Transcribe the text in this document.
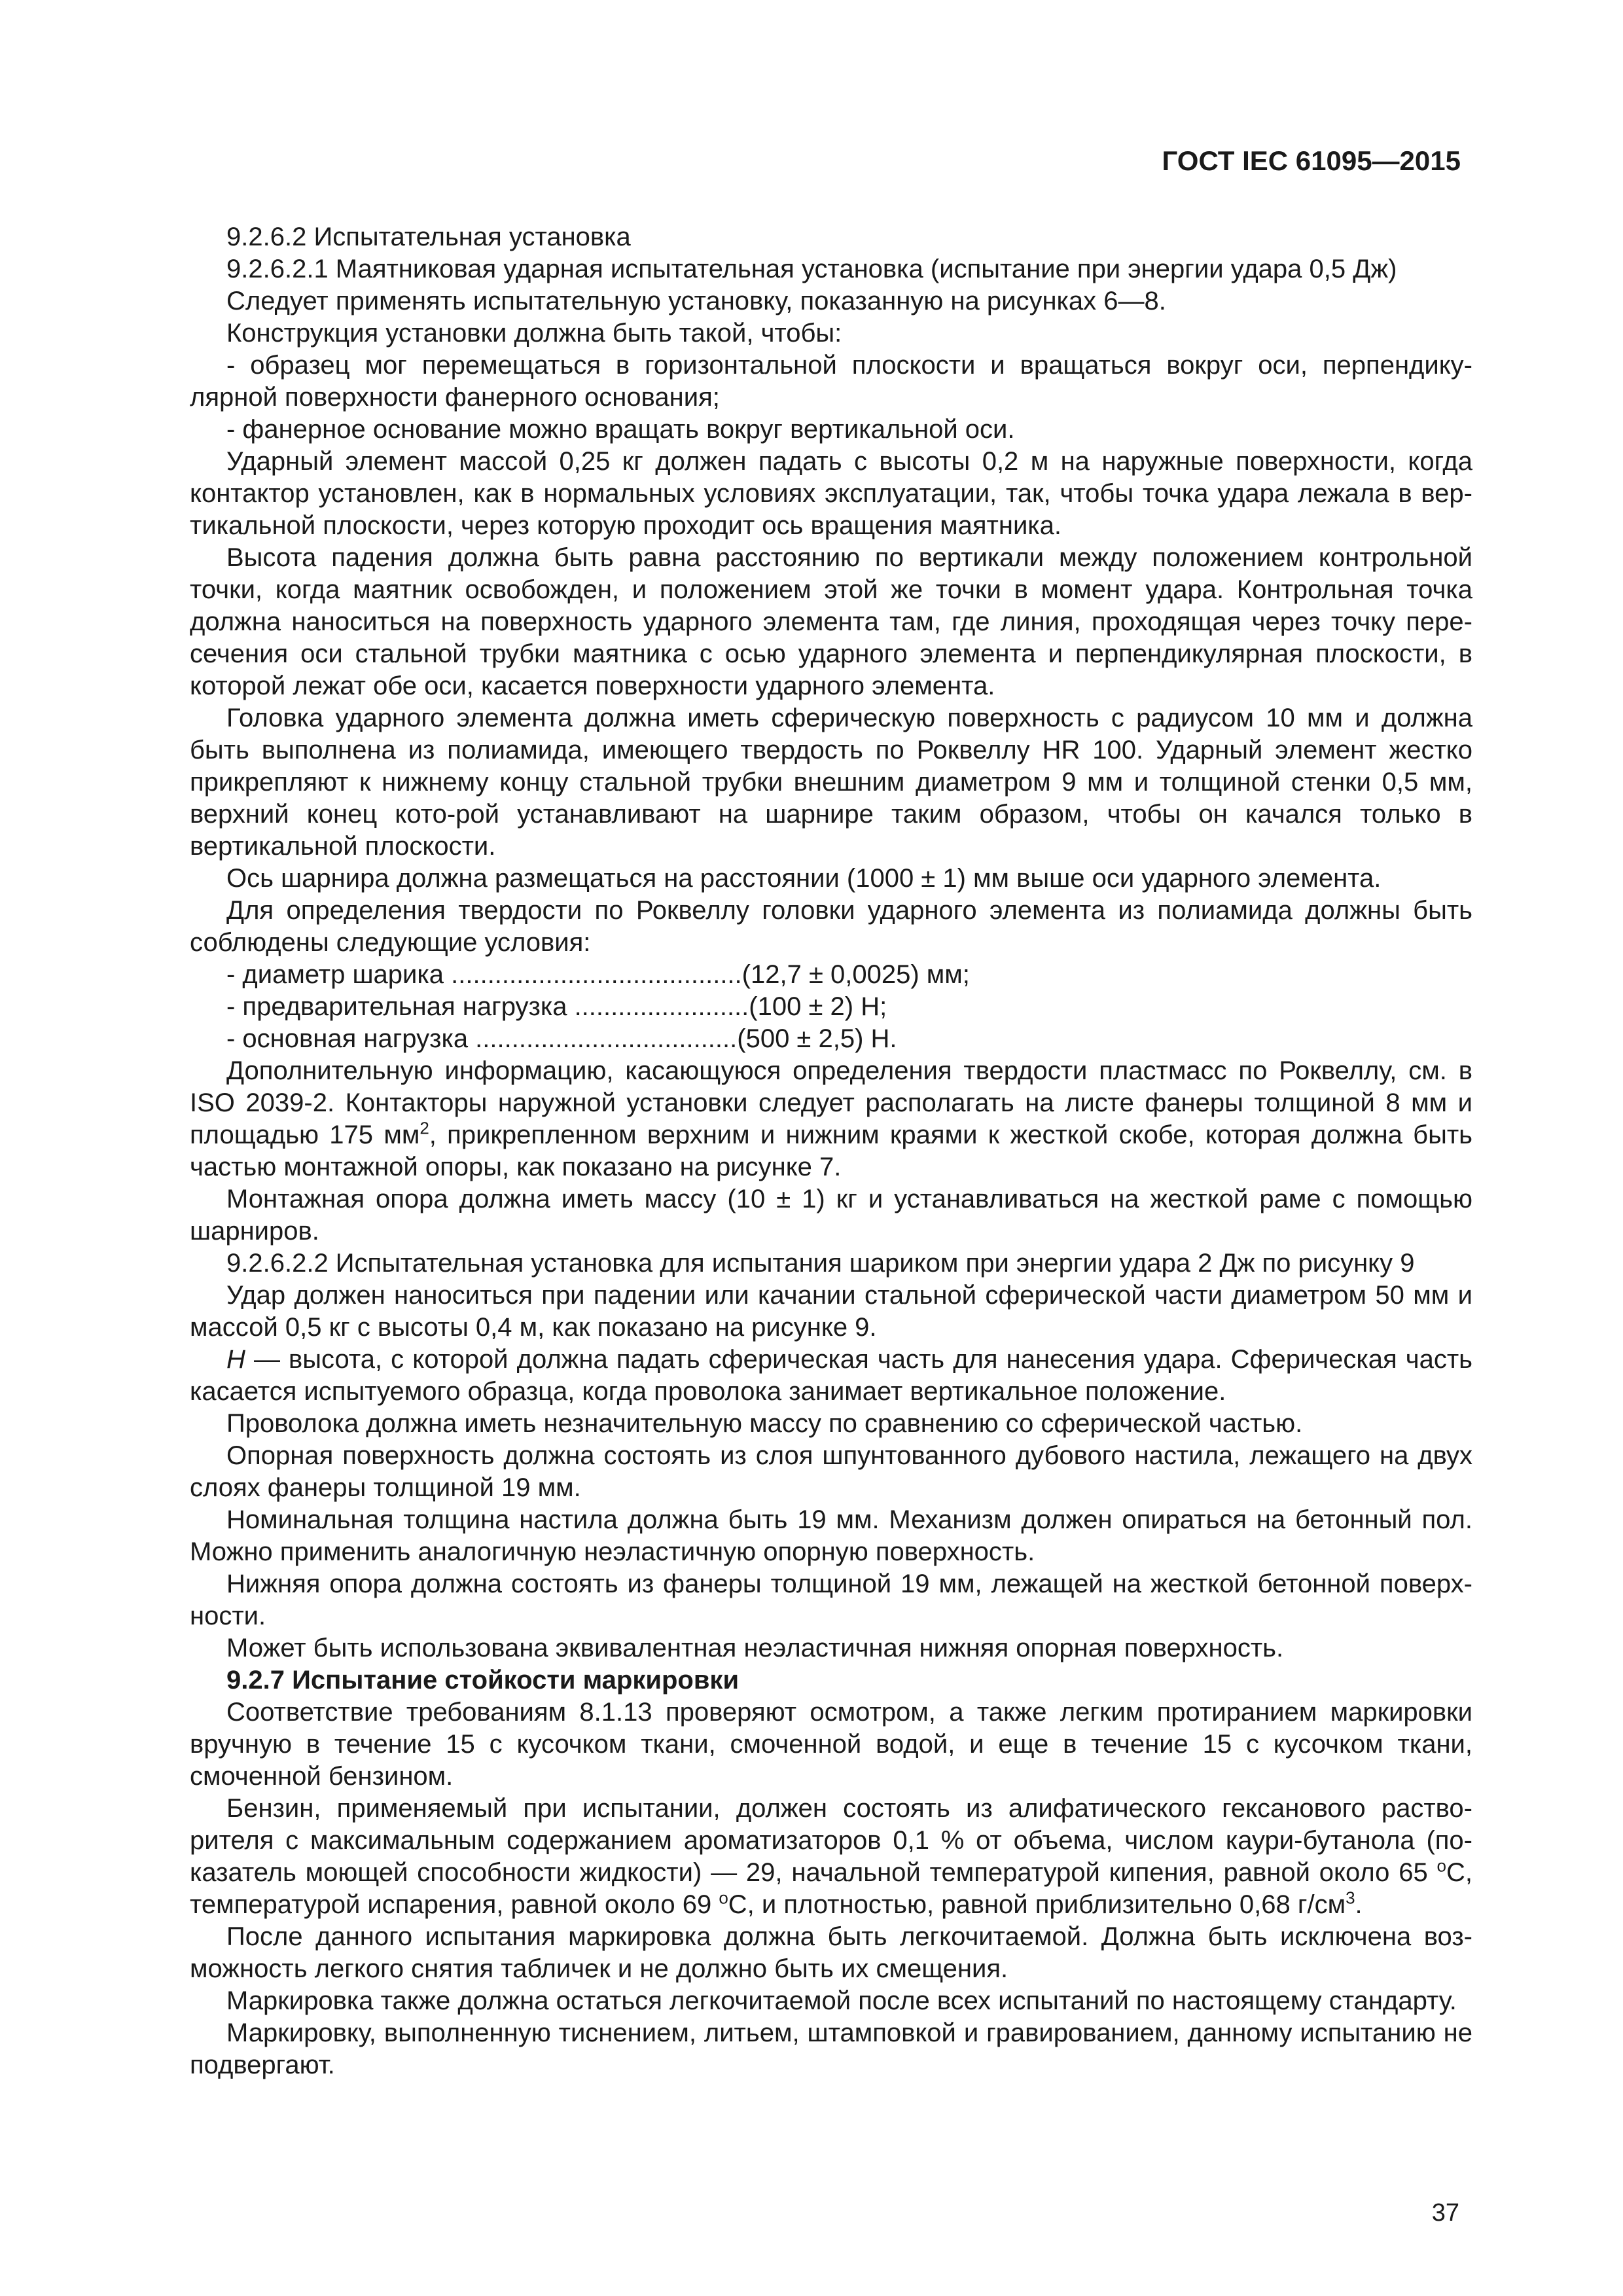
ГОСТ IEC 61095—2015

9.2.6.2 Испытательная установка

9.2.6.2.1 Маятниковая ударная испытательная установка (испытание при энергии удара 0,5 Дж)

Следует применять испытательную установку, показанную на рисунках 6—8.

Конструкция установки должна быть такой, чтобы:

- образец мог перемещаться в горизонтальной плоскости и вращаться вокруг оси, перпендику-лярной поверхности фанерного основания;

- фанерное основание можно вращать вокруг вертикальной оси.

Ударный элемент массой 0,25 кг должен падать с высоты 0,2 м на наружные поверхности, когда контактор установлен, как в нормальных условиях эксплуатации, так, чтобы точка удара лежала в вер-тикальной плоскости, через которую проходит ось вращения маятника.

Высота падения должна быть равна расстоянию по вертикали между положением контрольной точки, когда маятник освобожден, и положением этой же точки в момент удара. Контрольная точка должна наноситься на поверхность ударного элемента там, где линия, проходящая через точку пере-сечения оси стальной трубки маятника с осью ударного элемента и перпендикулярная плоскости, в которой лежат обе оси, касается поверхности ударного элемента.

Головка ударного элемента должна иметь сферическую поверхность с радиусом 10 мм и должна быть выполнена из полиамида, имеющего твердость по Роквеллу HR 100. Ударный элемент жестко прикрепляют к нижнему концу стальной трубки внешним диаметром 9 мм и толщиной стенки 0,5 мм, верхний конец кото-рой устанавливают на шарнире таким образом, чтобы он качался только в вертикальной плоскости.

Ось шарнира должна размещаться на расстоянии (1000 ± 1) мм выше оси ударного элемента.

Для определения твердости по Роквеллу головки ударного элемента из полиамида должны быть соблюдены следующие условия:

- диаметр шарика ........................................(12,7 ± 0,0025) мм;

- предварительная нагрузка ........................(100 ± 2) Н;

- основная нагрузка ....................................(500 ± 2,5) Н.

Дополнительную информацию, касающуюся определения твердости пластмасс по Роквеллу, см. в ISO 2039-2. Контакторы наружной установки следует располагать на листе фанеры толщиной 8 мм и площадью 175 $мм^2$, прикрепленном верхним и нижним краями к жесткой скобе, которая должна быть частью монтажной опоры, как показано на рисунке 7.

Монтажная опора должна иметь массу (10 ± 1) кг и устанавливаться на жесткой раме с помощью шарниров.

9.2.6.2.2 Испытательная установка для испытания шариком при энергии удара 2 Дж по рисунку 9

Удар должен наноситься при падении или качании стальной сферической части диаметром 50 мм и массой 0,5 кг с высоты 0,4 м, как показано на рисунке 9.

Н — высота, с которой должна падать сферическая часть для нанесения удара. Сферическая часть касается испытуемого образца, когда проволока занимает вертикальное положение.

Проволока должна иметь незначительную массу по сравнению со сферической частью.

Опорная поверхность должна состоять из слоя шпунтованного дубового настила, лежащего на двух слоях фанеры толщиной 19 мм.

Номинальная толщина настила должна быть 19 мм. Механизм должен опираться на бетонный пол. Можно применить аналогичную неэластичную опорную поверхность.

Нижняя опора должна состоять из фанеры толщиной 19 мм, лежащей на жесткой бетонной поверх-ности.

Может быть использована эквивалентная неэластичная нижняя опорная поверхность.

9.2.7 Испытание стойкости маркировки

Соответствие требованиям 8.1.13 проверяют осмотром, а также легким протиранием маркировки вручную в течение 15 с кусочком ткани, смоченной водой, и еще в течение 15 с кусочком ткани, смоченной бензином.

Бензин, применяемый при испытании, должен состоять из алифатического гексанового раство-рителя с максимальным содержанием ароматизаторов 0,1 % от объема, числом каури-бутанола (по-казатель моющей способности жидкости) — 29, начальной температурой кипения, равной около 65 $^о$С, температурой испарения, равной около 69 $^о$С, и плотностью, равной приблизительно 0,68 $г/см^3$.

После данного испытания маркировка должна быть легкочитаемой. Должна быть исключена воз-можность легкого снятия табличек и не должно быть их смещения.

Маркировка также должна остаться легкочитаемой после всех испытаний по настоящему стандарту.

Маркировку, выполненную тиснением, литьем, штамповкой и гравированием, данному испытанию не подвергают.

37
